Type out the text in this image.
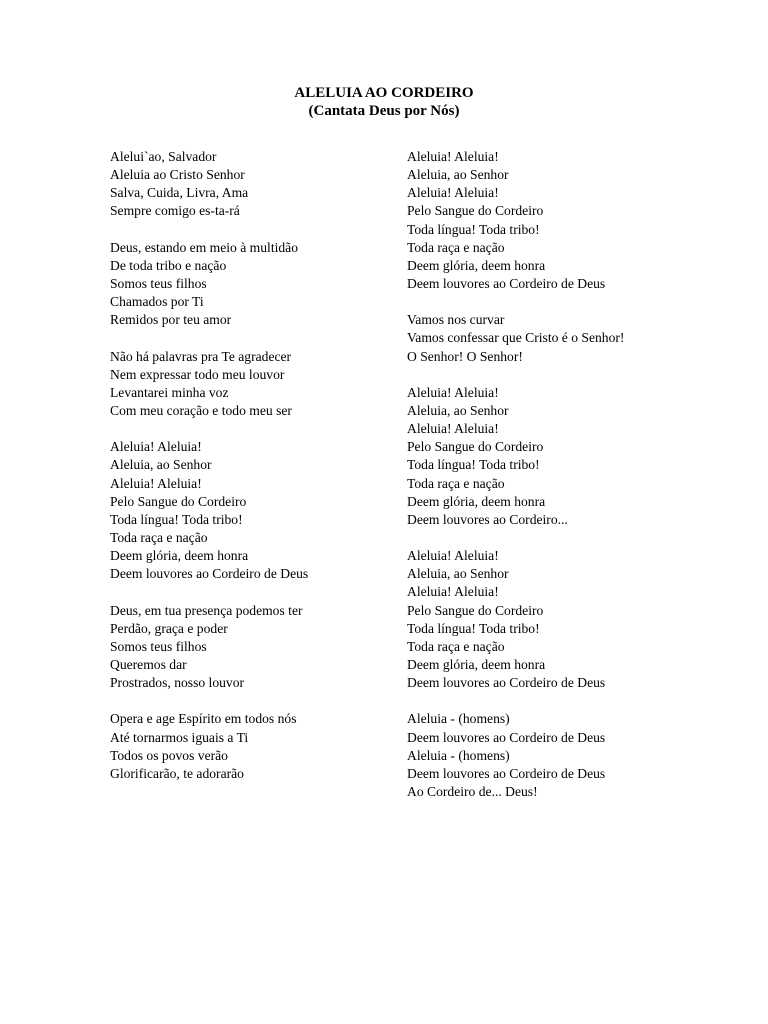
ALELUIA AO CORDEIRO
(Cantata Deus por Nós)
Alelui`ao, Salvador
Aleluia ao Cristo Senhor
Salva, Cuida, Livra, Ama
Sempre comigo es-ta-rá
Deus, estando em meio à multidão
De toda tribo e nação
Somos teus filhos
Chamados por Ti
Remidos por teu amor
Não há palavras pra Te agradecer
Nem expressar todo meu louvor
Levantarei minha voz
Com meu coração e todo meu ser
Aleluia! Aleluia!
Aleluia, ao Senhor
Aleluia! Aleluia!
Pelo Sangue do Cordeiro
Toda língua! Toda tribo!
Toda raça e nação
Deem glória, deem honra
Deem louvores ao Cordeiro de Deus
Deus, em tua presença podemos ter
Perdão, graça e poder
Somos teus filhos
Queremos dar
Prostrados, nosso louvor
Opera e age Espírito em todos nós
Até tornarmos iguais a Ti
Todos os povos verão
Glorificarão, te adorarão
Aleluia! Aleluia!
Aleluia, ao Senhor
Aleluia! Aleluia!
Pelo Sangue do Cordeiro
Toda língua! Toda tribo!
Toda raça e nação
Deem glória, deem honra
Deem louvores ao Cordeiro de Deus
Vamos nos curvar
Vamos confessar que Cristo é o Senhor!
O Senhor! O Senhor!
Aleluia! Aleluia!
Aleluia, ao Senhor
Aleluia! Aleluia!
Pelo Sangue do Cordeiro
Toda língua! Toda tribo!
Toda raça e nação
Deem glória, deem honra
Deem louvores ao Cordeiro...
Aleluia! Aleluia!
Aleluia, ao Senhor
Aleluia! Aleluia!
Pelo Sangue do Cordeiro
Toda língua! Toda tribo!
Toda raça e nação
Deem glória, deem honra
Deem louvores ao Cordeiro de Deus
Aleluia - (homens)
Deem louvores ao Cordeiro de Deus
Aleluia - (homens)
Deem louvores ao Cordeiro de Deus
Ao Cordeiro de... Deus!
